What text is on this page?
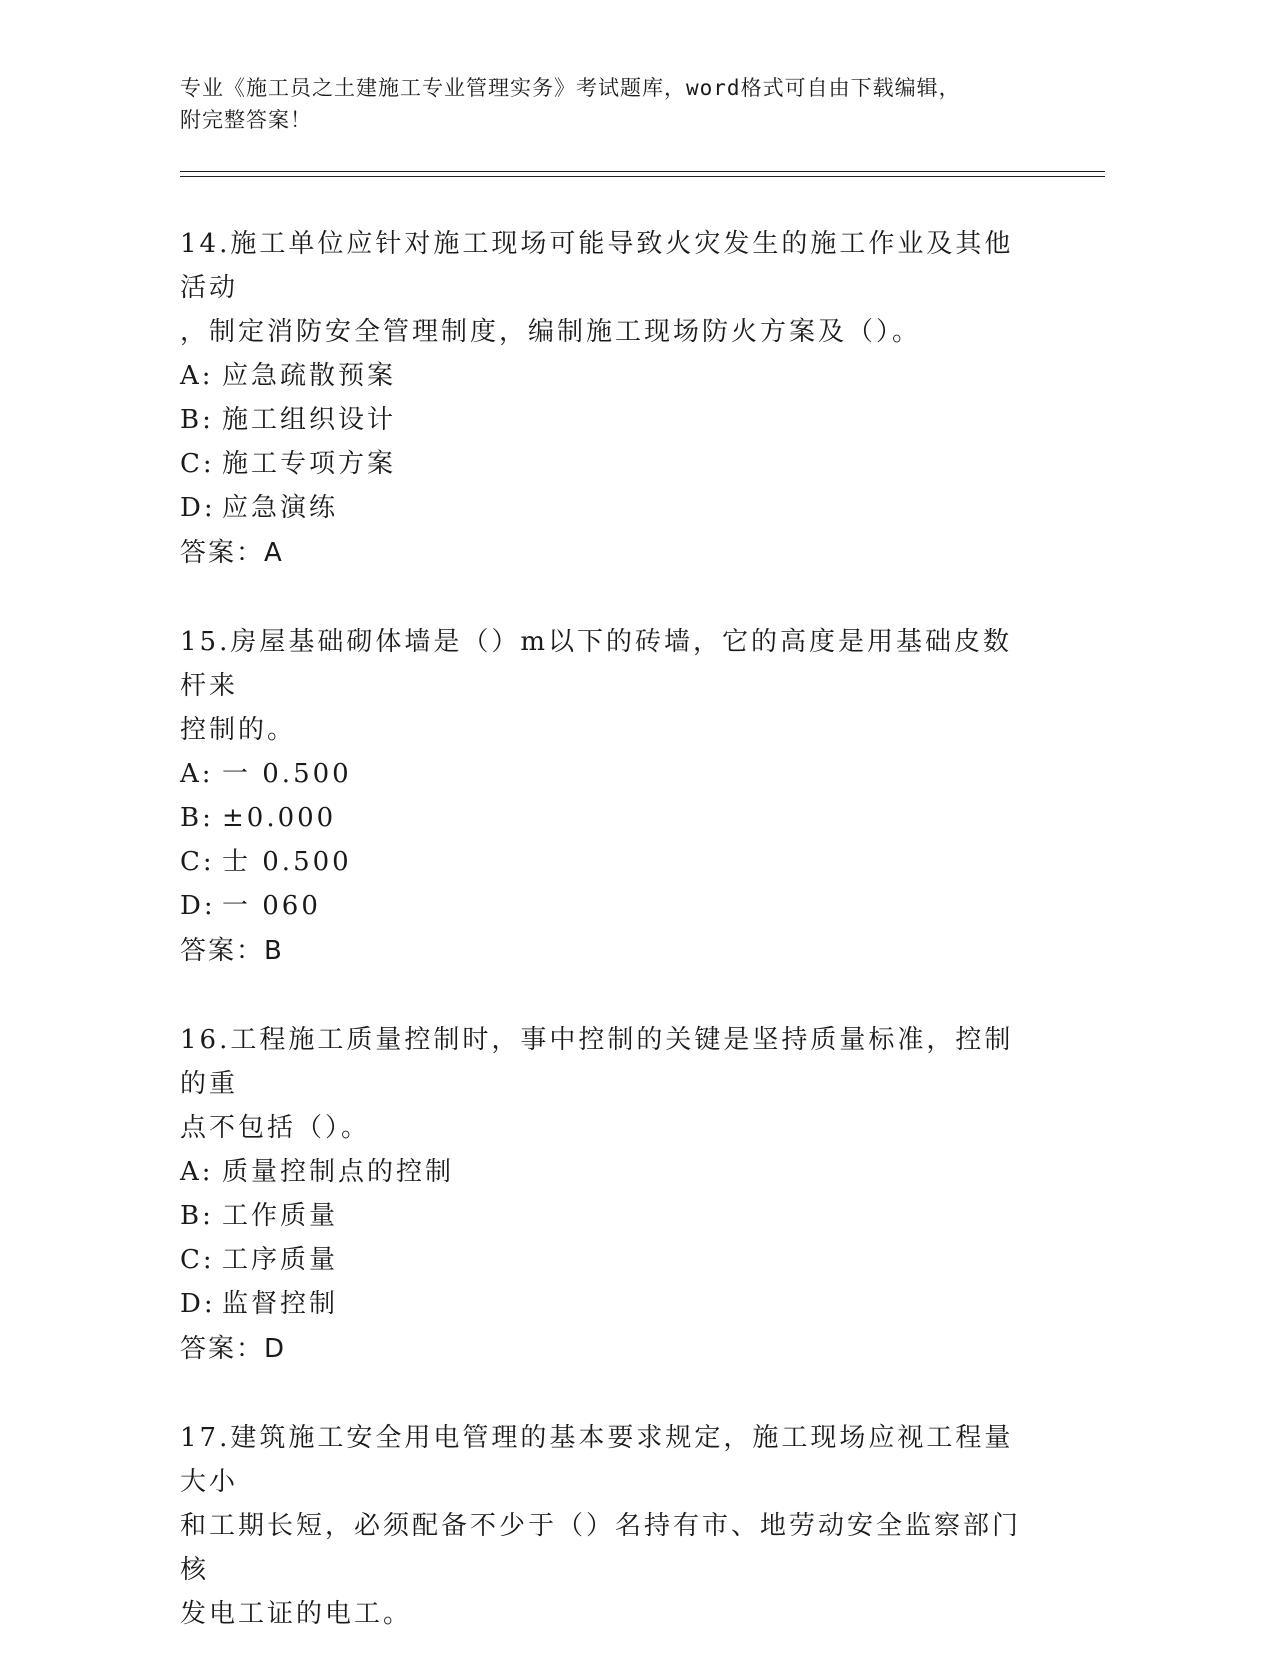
专业《施工员之土建施工专业管理实务》考试题库，word格式可自由下载编辑，
附完整答案！

14.施工单位应针对施工现场可能导致火灾发生的施工作业及其他活动
，制定消防安全管理制度，编制施工现场防火方案及（）。

A: 应急疏散预案
B: 施工组织设计
C: 施工专项方案
D: 应急演练

答案：A

15.房屋基础砌体墙是（）m以下的砖墙，它的高度是用基础皮数杆来
控制的。

A: 一 0.500
B: ±0.000
C: 士 0.500
D: 一 060

答案：B

16.工程施工质量控制时，事中控制的关键是坚持质量标准，控制的重
点不包括（）。

A: 质量控制点的控制
B: 工作质量
C: 工序质量
D: 监督控制

答案：D

17.建筑施工安全用电管理的基本要求规定，施工现场应视工程量大小
和工期长短，必须配备不少于（）名持有市、地劳动安全监察部门核
发电工证的电工。
